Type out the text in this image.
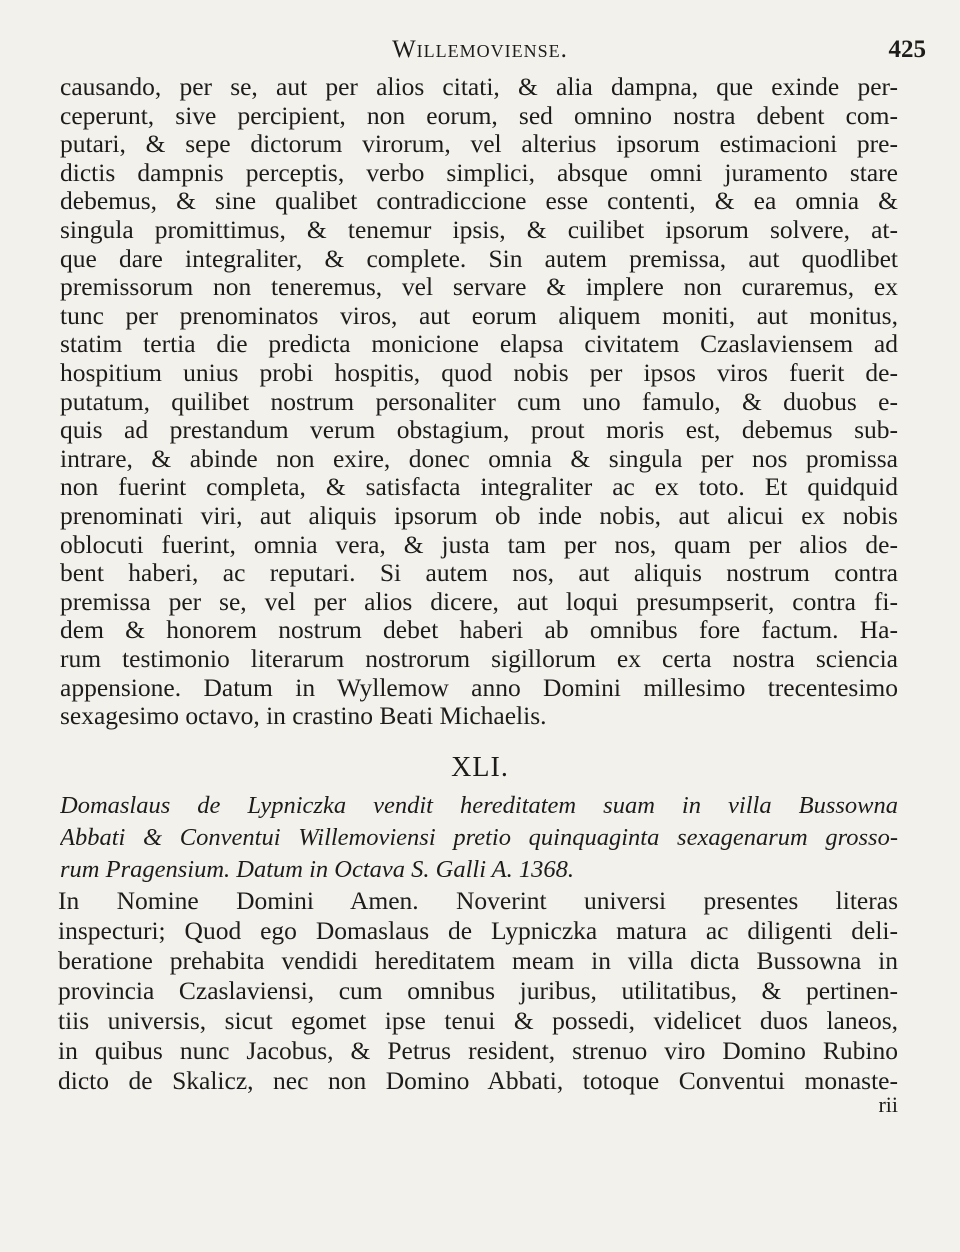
Willemoviense.	425
causando, per se, aut per alios citati, & alia dampna, que exinde per-
ceperunt, sive percipient, non eorum, sed omnino nostra debent com-
putari, & sepe dictorum virorum, vel alterius ipsorum estimacioni pre-
dictis dampnis perceptis, verbo simplici, absque omni juramento stare
debemus, & sine qualibet contradiccione esse contenti, & ea omnia &
singula promittimus, & tenemur ipsis, & cuilibet ipsorum solvere, at-
que dare integraliter, & complete. Sin autem premissa, aut quodlibet
premissorum non teneremus, vel servare & implere non curaremus, ex
tunc per prenominatos viros, aut eorum aliquem moniti, aut monitus,
statim tertia die predicta monicione elapsa civitatem Czaslaviensem ad
hospitium unius probi hospitis, quod nobis per ipsos viros fuerit de-
putatum, quilibet nostrum personaliter cum uno famulo, & duobus e-
quis ad prestandum verum obstagium, prout moris est, debemus sub-
intrare, & abinde non exire, donec omnia & singula per nos promissa
non fuerint completa, & satisfacta integraliter ac ex toto. Et quidquid
prenominati viri, aut aliquis ipsorum ob inde nobis, aut alicui ex nobis
oblocuti fuerint, omnia vera, & justa tam per nos, quam per alios de-
bent haberi, ac reputari. Si autem nos, aut aliquis nostrum contra
premissa per se, vel per alios dicere, aut loqui presumpserit, contra fi-
dem & honorem nostrum debet haberi ab omnibus fore factum. Ha-
rum testimonio literarum nostrorum sigillorum ex certa nostra sciencia
appensione. Datum in Wyllemow anno Domini millesimo trecentesimo
sexagesimo octavo, in crastino Beati Michaelis.
XLI.
Domaslaus de Lypniczka vendit hereditatem suam in villa Bussowna
Abbati & Conventui Willemoviensi pretio quinquaginta sexagenarum grosso-
rum Pragensium. Datum in Octava S. Galli A. 1368.
In Nomine Domini Amen. Noverint universi presentes literas
inspecturi; Quod ego Domaslaus de Lypniczka matura ac diligenti deli-
beratione prehabita vendidi hereditatem meam in villa dicta Bussowna in
provincia Czaslaviensi, cum omnibus juribus, utilitatibus, & pertinen-
tiis universis, sicut egomet ipse tenui & possedi, videlicet duos laneos,
in quibus nunc Jacobus, & Petrus resident, strenuo viro Domino Rubino
dicto de Skalicz, nec non Domino Abbati, totoque Conventui monaste-
rii
